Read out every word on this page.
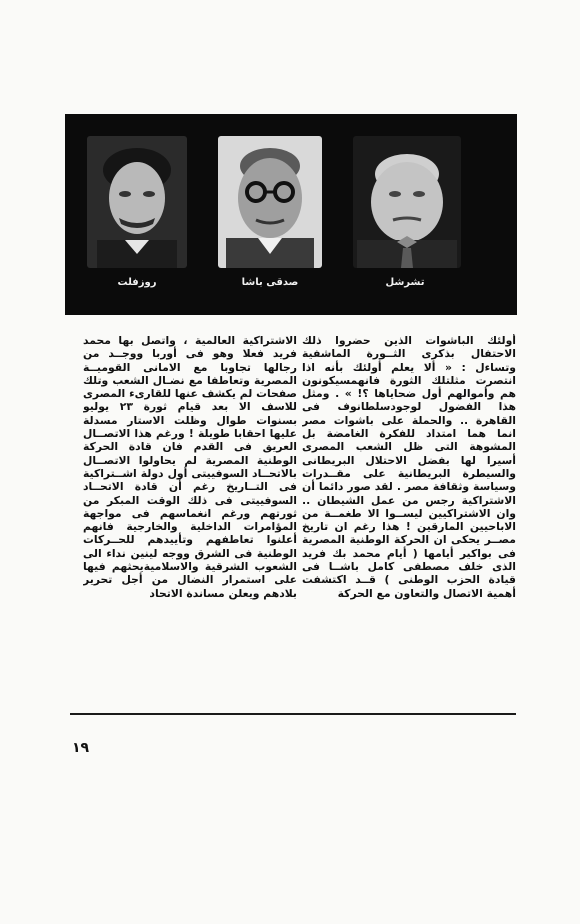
روزفلت	صدقى باشا	تشرشل

أولئك الباشوات الذين حضروا ذلك الاحتفال بذكرى الثــورة الماشفية وتساءل : « ألا يعلم أولئك بأنه اذا انتصرت مثلتلك الثورة فانهمسيكونون هم وأموالهم أول ضحاياها ؟! » . ومثل هذا الفضول لوجودسلطانوف فى القاهرة .. والحملة على باشوات مصر انما هما امتداد للفكرة الغامضة بل المشوهة التى ظل الشعب المصرى أسيرا لها بفضل الاحتلال البريطانى والسيطرة البريطانية على مقــدرات وسياسة وثقافة مصر . لقد صور دائما أن الاشتراكية رجس من عمل الشيطان .. وان الاشتراكيين ليســوا الا طغمــة من الاباحيين المارقين ! هذا رغم ان تاريخ مصــر يحكى ان الحركة الوطنية المصرية فى بواكير أيامها ( أيام محمد بك فريد الذى خلف مصطفى كامل باشــا فى قيادة الحزب الوطنى ) قــد اكتشفت أهمية الاتصال والتعاون مع الحركة

الاشتراكية العالمية ، واتصل بها محمد فريد فعلا وهو فى أوربا ووجــد من رجالها تجاوبا مع الامانى القوميــة المصرية وتعاطفا مع نضـال الشعب وتلك صفحات لم يكشف عنها للقارىء المصرى للاسف الا بعد قيام ثورة ٢٣ يوليو بسنوات طوال وظلت الاستار مسدلة عليها احقابا طويلة ! ورغم هذا الاتصــال العريق فى القدم فان قادة الحركة الوطنية المصرية لم يحاولوا الاتصــال بالاتحــاد السوفييتى أول دولة اشــتراكية فى التــاريخ رغم أن قادة الاتحــاد السوفييتى فى ذلك الوقت المبكر من ثورتهم ورغم انغماسهم فى مواجهة المؤامرات الداخلية والخارجية فانهم أعلنوا تعاطفهم وتأييدهم للحــركات الوطنية فى الشرق ووجه لينين نداء الى الشعوب الشرقية والاسلاميةيحثهم فيها على استمرار النضال من أجل تحرير بلادهم ويعلن مساندة الاتحاد

١٩
